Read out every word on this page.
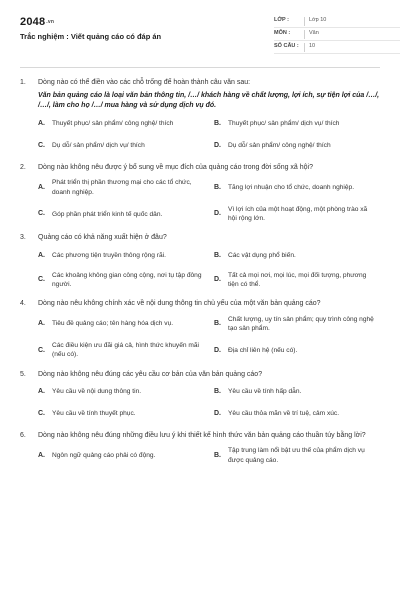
2048.vn
Trắc nghiệm : Viết quảng cáo có đáp án
LỚP :	Lớp 10
MÔN :	Văn
SỐ CÂU :	10
1.	Dòng nào có thể điền vào các chỗ trống để hoàn thành câu văn sau:
Văn bản quảng cáo là loại văn bản thông tin, /…/ khách hàng về chất lượng, lợi ích, sự tiện lợi của /…/, /…/, làm cho họ /…/ mua hàng và sử dụng dịch vụ đó.
A.	Thuyết phục/ sản phẩm/ công nghệ/ thích	B.	Thuyết phục/ sản phẩm/ dịch vụ/ thích
C.	Dụ dỗ/ sản phẩm/ dịch vụ/ thích	D.	Dụ dỗ/ sản phẩm/ công nghệ/ thích
2.	Dòng nào không nêu được ý bổ sung về mục đích của quảng cáo trong đời sống xã hội?
A.
Phát triển thị phần thương mại cho các tổ chức, doanh nghiệp.
B.	Tăng lợi nhuận cho tổ chức, doanh nghiệp.
C.	Góp phần phát triển kinh tế quốc dân.	D.
Vì lợi ích của một hoạt động, một phòng trào xã hội rộng lớn.
3.	Quảng cáo có khả năng xuất hiện ở đâu?
A.	Các phương tiện truyền thông rộng rãi.	B.	Các vật dụng phổ biến.
C.
Các khoảng không gian công cộng, nơi tụ tập đông người.
D.
Tất cả mọi nơi, mọi lúc, mọi đối tượng, phương tiện có thể.
4.	Dòng nào nêu không chính xác về nội dung thông tin chủ yếu của một văn bản quảng cáo?
A.	Tiêu đề quảng cáo; tên hàng hóa dịch vụ.	B.
Chất lượng, uy tín sản phẩm; quy trình công nghệ tạo sản phẩm.
C.
Các điều kiện ưu đãi giá cả, hình thức khuyến mãi (nếu có).
D.	Địa chỉ liên hệ (nếu có).
5.	Dòng nào không nêu đúng các yêu cầu cơ bản của văn bản quảng cáo?
A.	Yêu cầu về nội dung thông tin.	B.	Yêu cầu về tính hấp dẫn.
C.	Yêu cầu về tính thuyết phục.	D.	Yêu cầu thỏa mãn về trí tuệ, cảm xúc.
6.	Dòng nào không nêu đúng những điều lưu ý khi thiết kế hình thức văn bản quảng cáo thuần túy bằng lời?
A.	Ngôn ngữ quảng cáo phải có động.	B.
Tập trung làm nổi bật ưu thế của phẩm dịch vụ được quảng cáo.
